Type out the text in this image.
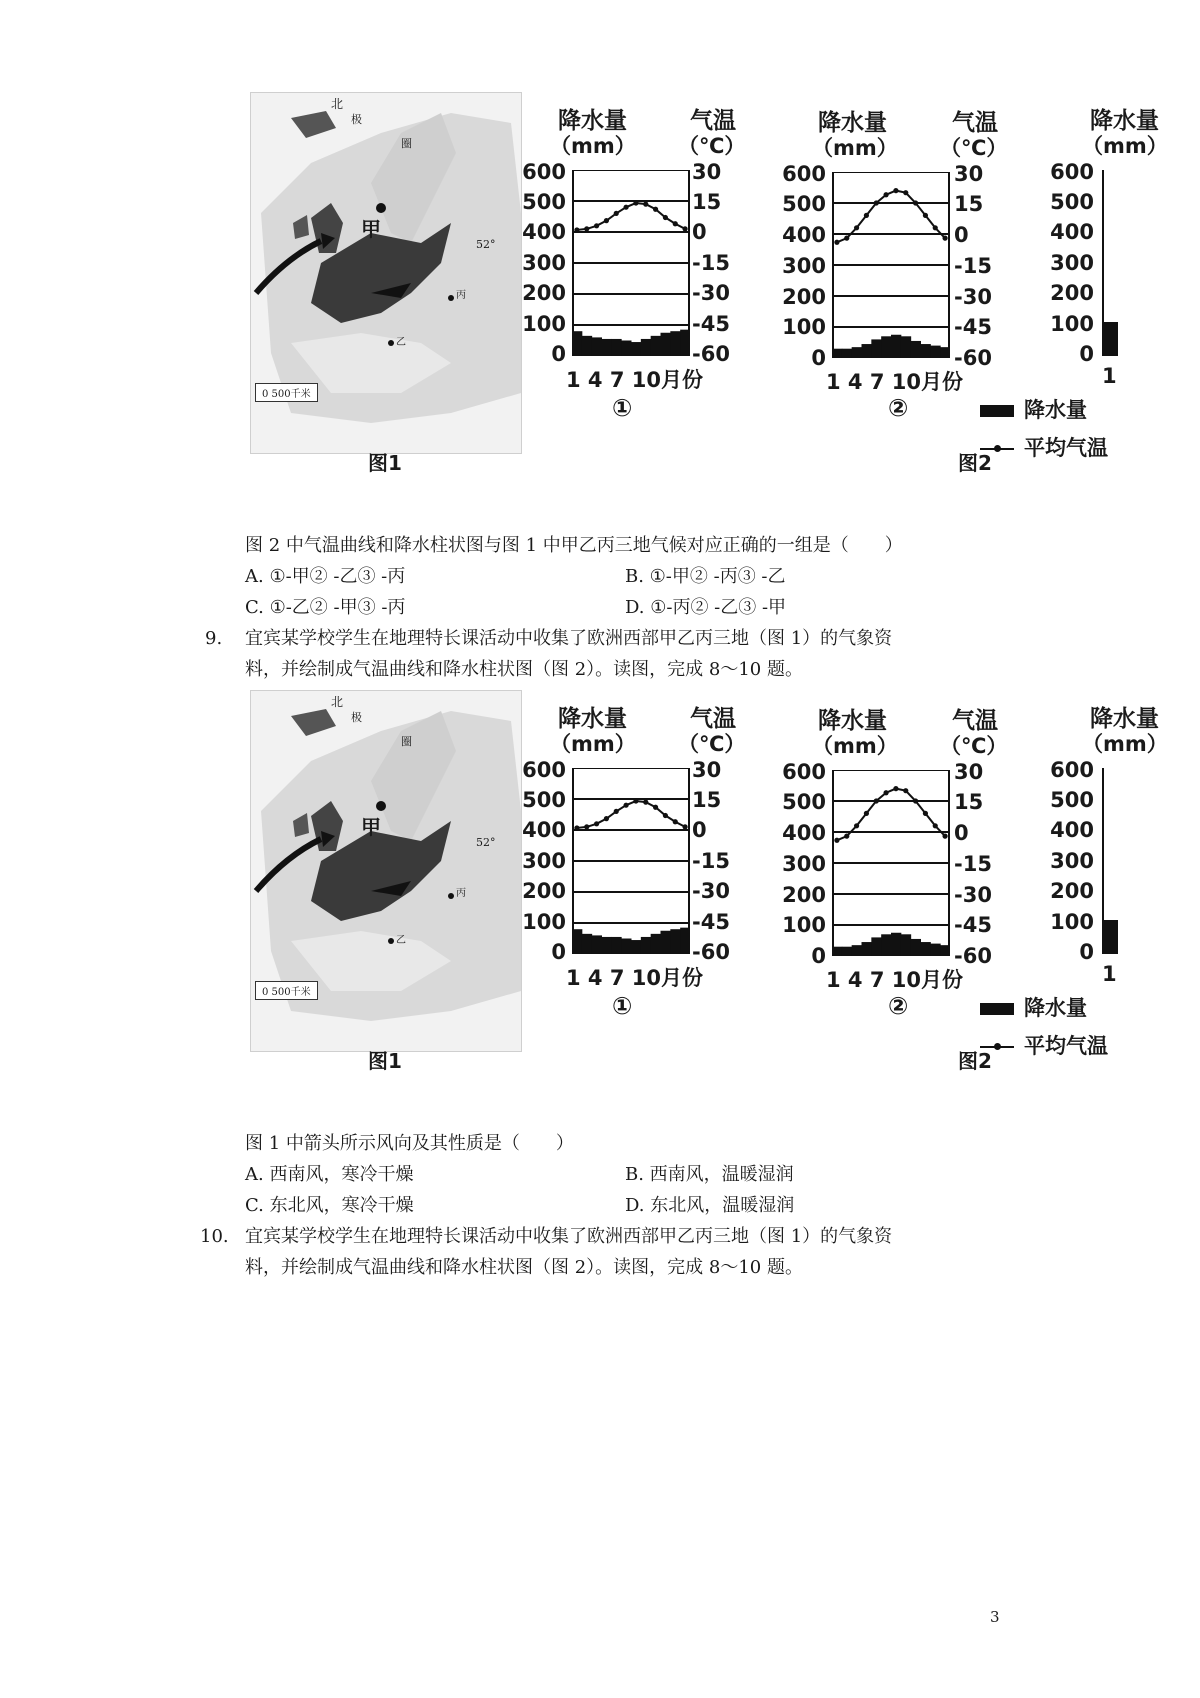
北
极
圈
甲
丙
乙
52°
0 500千米
图1
降水量
（mm）
气温
（℃）
600
500
400
300
200
100
0
30
15
0
-15
-30
-45
-60
1 4 7 10月份
①
降水量
（mm）
气温
（℃）
600
500
400
300
200
100
0
30
15
0
-15
-30
-45
-60
1 4 7 10月份
②
降水量
（mm）
600
500
400
300
200
100
0
1
降水量
图2
平均气温
图 2 中气温曲线和降水柱状图与图 1 中甲乙丙三地气候对应正确的一组是（　　）
A. ①-甲② -乙③ -丙	B. ①-甲② -丙③ -乙
C. ①-乙② -甲③ -丙	D. ①-丙② -乙③ -甲
9. 宜宾某学校学生在地理特长课活动中收集了欧洲西部甲乙丙三地（图 1）的气象资
料，并绘制成气温曲线和降水柱状图（图 2）。读图，完成 8～10 题。
北
极
圈
甲
丙
乙
52°
0 500千米
图1
降水量
（mm）
气温
（℃）
600
500
400
300
200
100
0
30
15
0
-15
-30
-45
-60
1 4 7 10月份
①
降水量
（mm）
气温
（℃）
600
500
400
300
200
100
0
30
15
0
-15
-30
-45
-60
1 4 7 10月份
②
降水量
（mm）
600
500
400
300
200
100
0
1
降水量
图2
平均气温
图 1 中箭头所示风向及其性质是（　　）
A. 西南风，寒冷干燥	B. 西南风，温暖湿润
C. 东北风，寒冷干燥	D. 东北风，温暖湿润
10. 宜宾某学校学生在地理特长课活动中收集了欧洲西部甲乙丙三地（图 1）的气象资
料，并绘制成气温曲线和降水柱状图（图 2）。读图，完成 8～10 题。
3
